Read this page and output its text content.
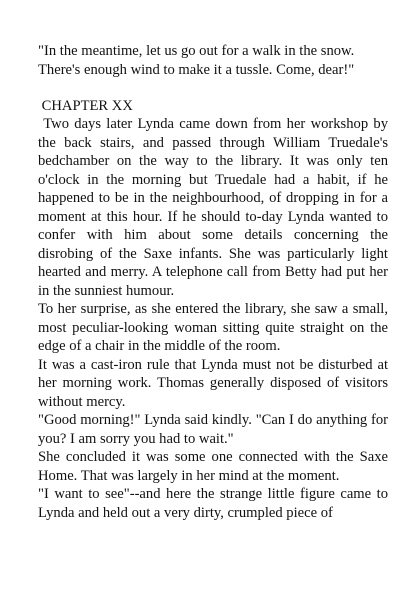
"In the meantime, let us go out for a walk in the snow. There's enough wind to make it a tussle. Come, dear!"

CHAPTER XX

Two days later Lynda came down from her workshop by the back stairs, and passed through William Truedale's bedchamber on the way to the library. It was only ten o'clock in the morning but Truedale had a habit, if he happened to be in the neighbourhood, of dropping in for a moment at this hour. If he should to-day Lynda wanted to confer with him about some details concerning the disrobing of the Saxe infants. She was particularly light hearted and merry. A telephone call from Betty had put her in the sunniest humour.

To her surprise, as she entered the library, she saw a small, most peculiar-looking woman sitting quite straight on the edge of a chair in the middle of the room.

It was a cast-iron rule that Lynda must not be disturbed at her morning work. Thomas generally disposed of visitors without mercy.

"Good morning!" Lynda said kindly. "Can I do anything for you? I am sorry you had to wait."

She concluded it was some one connected with the Saxe Home. That was largely in her mind at the moment.

"I want to see"--and here the strange little figure came to Lynda and held out a very dirty, crumpled piece of
